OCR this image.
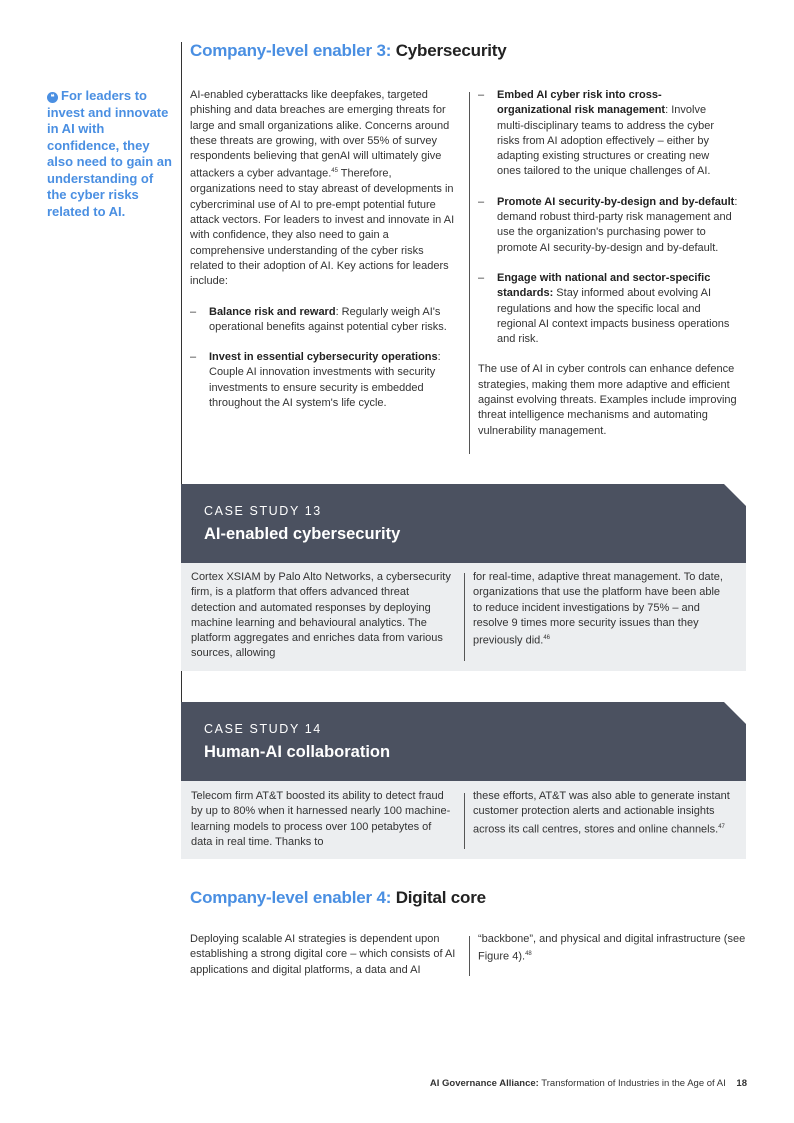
Company-level enabler 3: Cybersecurity
❝ For leaders to invest and innovate in AI with confidence, they also need to gain an understanding of the cyber risks related to AI.

AI-enabled cyberattacks like deepfakes, targeted phishing and data breaches are emerging threats for large and small organizations alike. Concerns around these threats are growing, with over 55% of survey respondents believing that genAI will ultimately give attackers a cyber advantage.$^{45}$ Therefore, organizations need to stay abreast of developments in cybercriminal use of AI to pre-empt potential future attack vectors. For leaders to invest and innovate in AI with confidence, they also need to gain a comprehensive understanding of the cyber risks related to their adoption of AI. Key actions for leaders include:

– Balance risk and reward: Regularly weigh AI's operational benefits against potential cyber risks.
– Invest in essential cybersecurity operations: Couple AI innovation investments with security investments to ensure security is embedded throughout the AI system's life cycle.
– Embed AI cyber risk into cross-organizational risk management: Involve multi-disciplinary teams to address the cyber risks from AI adoption effectively – either by adapting existing structures or creating new ones tailored to the unique challenges of AI.
– Promote AI security-by-design and by-default: demand robust third-party risk management and use the organization's purchasing power to promote AI security-by-design and by-default.
– Engage with national and sector-specific standards: Stay informed about evolving AI regulations and how the specific local and regional AI context impacts business operations and risk.

The use of AI in cyber controls can enhance defence strategies, making them more adaptive and efficient against evolving threats. Examples include improving threat intelligence mechanisms and automating vulnerability management.

CASE STUDY 13
AI-enabled cybersecurity
Cortex XSIAM by Palo Alto Networks, a cybersecurity firm, is a platform that offers advanced threat detection and automated responses by deploying machine learning and behavioural analytics. The platform aggregates and enriches data from various sources, allowing
for real-time, adaptive threat management. To date, organizations that use the platform have been able to reduce incident investigations by 75% – and resolve 9 times more security issues than they previously did.$^{46}$
CASE STUDY 14
Human-AI collaboration
Telecom firm AT&T boosted its ability to detect fraud by up to 80% when it harnessed nearly 100 machine-learning models to process over 100 petabytes of data in real time. Thanks to
these efforts, AT&T was also able to generate instant customer protection alerts and actionable insights across its call centres, stores and online channels.$^{47}$
Company-level enabler 4: Digital core
Deploying scalable AI strategies is dependent upon establishing a strong digital core – which consists of AI applications and digital platforms, a data and AI
“backbone”, and physical and digital infrastructure (see Figure 4).$^{48}$
AI Governance Alliance: Transformation of Industries in the Age of AI 18
